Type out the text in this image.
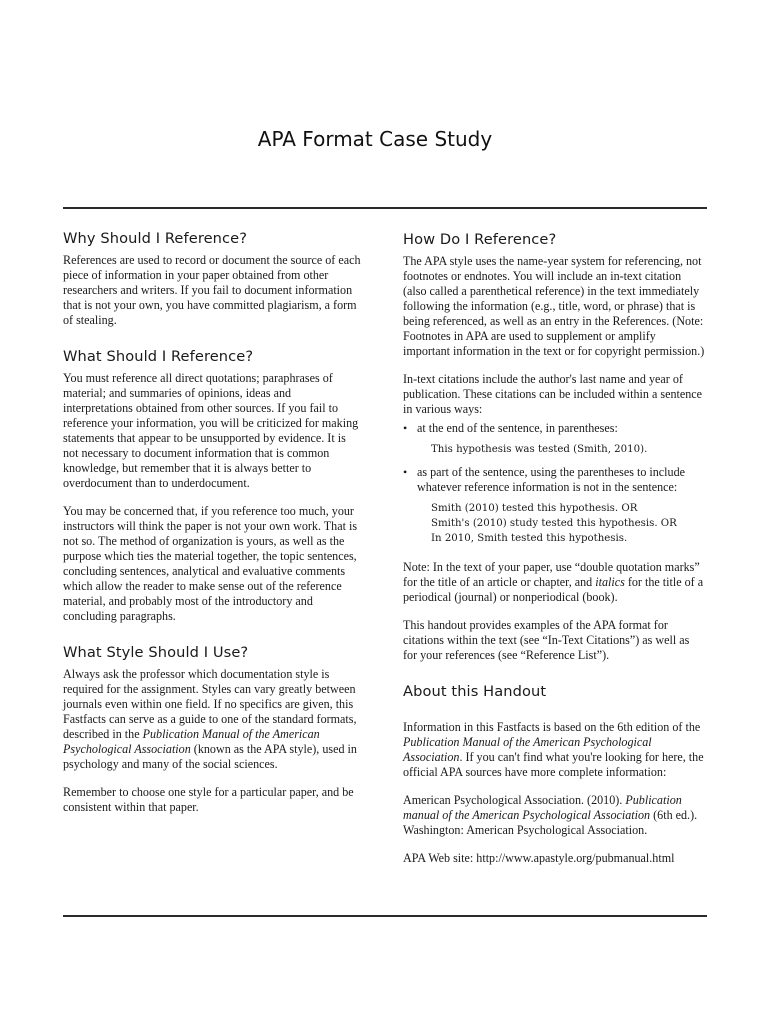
APA Format Case Study
Why Should I Reference?

References are used to record or document the source of each piece of information in your paper obtained from other researchers and writers. If you fail to document information that is not your own, you have committed plagiarism, a form of stealing.

What Should I Reference?

You must reference all direct quotations; paraphrases of material; and summaries of opinions, ideas and interpretations obtained from other sources. If you fail to reference your information, you will be criticized for making statements that appear to be unsupported by evidence. It is not necessary to document information that is common knowledge, but remember that it is always better to overdocument than to underdocument.

You may be concerned that, if you reference too much, your instructors will think the paper is not your own work. That is not so. The method of organization is yours, as well as the purpose which ties the material together, the topic sentences, concluding sentences, analytical and evaluative comments which allow the reader to make sense out of the reference material, and probably most of the introductory and concluding paragraphs.

What Style Should I Use?

Always ask the professor which documentation style is required for the assignment. Styles can vary greatly between journals even within one field. If no specifics are given, this Fastfacts can serve as a guide to one of the standard formats, described in the Publication Manual of the American Psychological Association (known as the APA style), used in psychology and many of the social sciences.

Remember to choose one style for a particular paper, and be consistent within that paper.

How Do I Reference?

The APA style uses the name-year system for referencing, not footnotes or endnotes. You will include an in-text citation (also called a parenthetical reference) in the text immediately following the information (e.g., title, word, or phrase) that is being referenced, as well as an entry in the References. (Note: Footnotes in APA are used to supplement or amplify important information in the text or for copyright permission.)

In-text citations include the author's last name and year of publication. These citations can be included within a sentence in various ways:

• at the end of the sentence, in parentheses:
This hypothesis was tested (Smith, 2010).
• as part of the sentence, using the parentheses to include whatever reference information is not in the sentence:
Smith (2010) tested this hypothesis. OR
Smith's (2010) study tested this hypothesis. OR
In 2010, Smith tested this hypothesis.

Note: In the text of your paper, use “double quotation marks” for the title of an article or chapter, and italics for the title of a periodical (journal) or nonperiodical (book).

This handout provides examples of the APA format for citations within the text (see “In-Text Citations”) as well as for your references (see “Reference List”).

About this Handout

Information in this Fastfacts is based on the 6th edition of the Publication Manual of the American Psychological Association. If you can't find what you're looking for here, the official APA sources have more complete information:

American Psychological Association. (2010). Publication manual of the American Psychological Association (6th ed.). Washington: American Psychological Association.

APA Web site: http://www.apastyle.org/pubmanual.html
